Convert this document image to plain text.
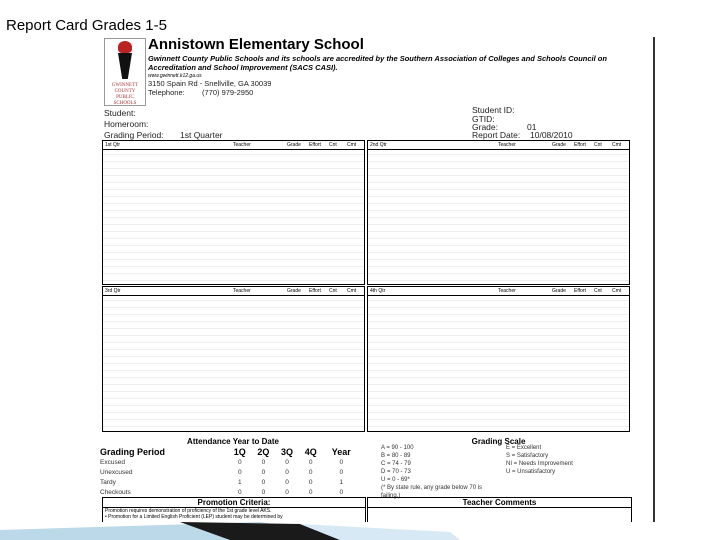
Report Card Grades 1-5
GWINNETT COUNTY PUBLIC SCHOOLS
Annistown Elementary School
Gwinnett County Public Schools and its schools are accredited by the Southern Association of Colleges and Schools Council on Accreditation and School Improvement (SACS CASI).
www.gwinnett.k12.ga.us
3150 Spain Rd - Snellville, GA 30039
Telephone: (770) 979-2950
Student:
Homeroom:
Grading Period: 1st Quarter
Student ID:
GTID:
Grade:	01
Report Date: 10/08/2010
1st Qtr	Teacher	Grade Effort Cnt Cmt	2nd Qtr	Teacher	Grade Effort Cnt Cmt
3rd Qtr	Teacher	Grade Effort Cnt Cmt	4th Qtr	Teacher	Grade Effort Cnt Cmt
Attendance Year to Date
Grading Period	1Q	2Q	3Q	4Q	Year
Excused	0	0	0	0	0
Unexcused	0	0	0	0	0
Tardy	1	0	0	0	1
Checkouts	0	0	0	0	0
Grading Scale
A = 90 - 100
B = 80 - 89
C = 74 - 79
D = 70 - 73
U = 0 - 69*
(* By state rule, any grade below 70 is failing.)
E = Excellent
S = Satisfactory
NI = Needs Improvement
U = Unsatisfactory
Promotion Criteria:
Promotion requires demonstration of proficiency of the 1st grade level AKS.
• Promotion for a Limited English Proficient (LEP) student may be determined by
Teacher Comments
